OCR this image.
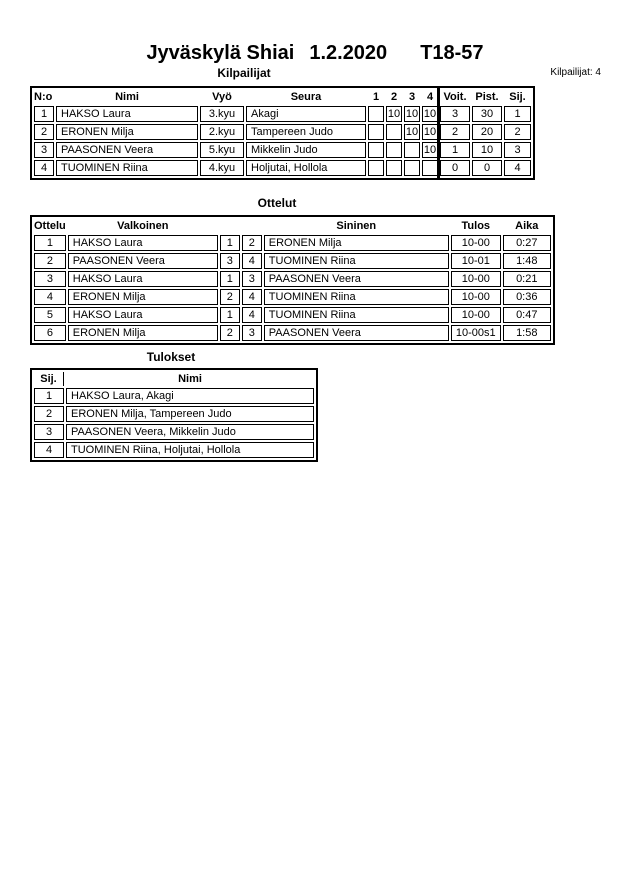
Jyväskylä Shiai 1.2.2020 T18-57
Kilpailijat	Kilpailijat: 4
N:o	Nimi	Vyö	Seura	1	2	3	4	Voit.	Pist.	Sij.
1	HAKSO Laura	3.kyu	Akagi		10	10	10	3	30	1
2	ERONEN Milja	2.kyu	Tampereen Judo			10	10	2	20	2
3	PAASONEN Veera	5.kyu	Mikkelin Judo				10	1	10	3
4	TUOMINEN Riina	4.kyu	Holjutai, Hollola					0	0	4
Ottelut
Ottelu	Valkoinen			Sininen	Tulos	Aika
1	HAKSO Laura	1	2	ERONEN Milja	10-00	0:27
2	PAASONEN Veera	3	4	TUOMINEN Riina	10-01	1:48
3	HAKSO Laura	1	3	PAASONEN Veera	10-00	0:21
4	ERONEN Milja	2	4	TUOMINEN Riina	10-00	0:36
5	HAKSO Laura	1	4	TUOMINEN Riina	10-00	0:47
6	ERONEN Milja	2	3	PAASONEN Veera	10-00s1	1:58
Tulokset
Sij.	Nimi
1	HAKSO Laura, Akagi
2	ERONEN Milja, Tampereen Judo
3	PAASONEN Veera, Mikkelin Judo
4	TUOMINEN Riina, Holjutai, Hollola
